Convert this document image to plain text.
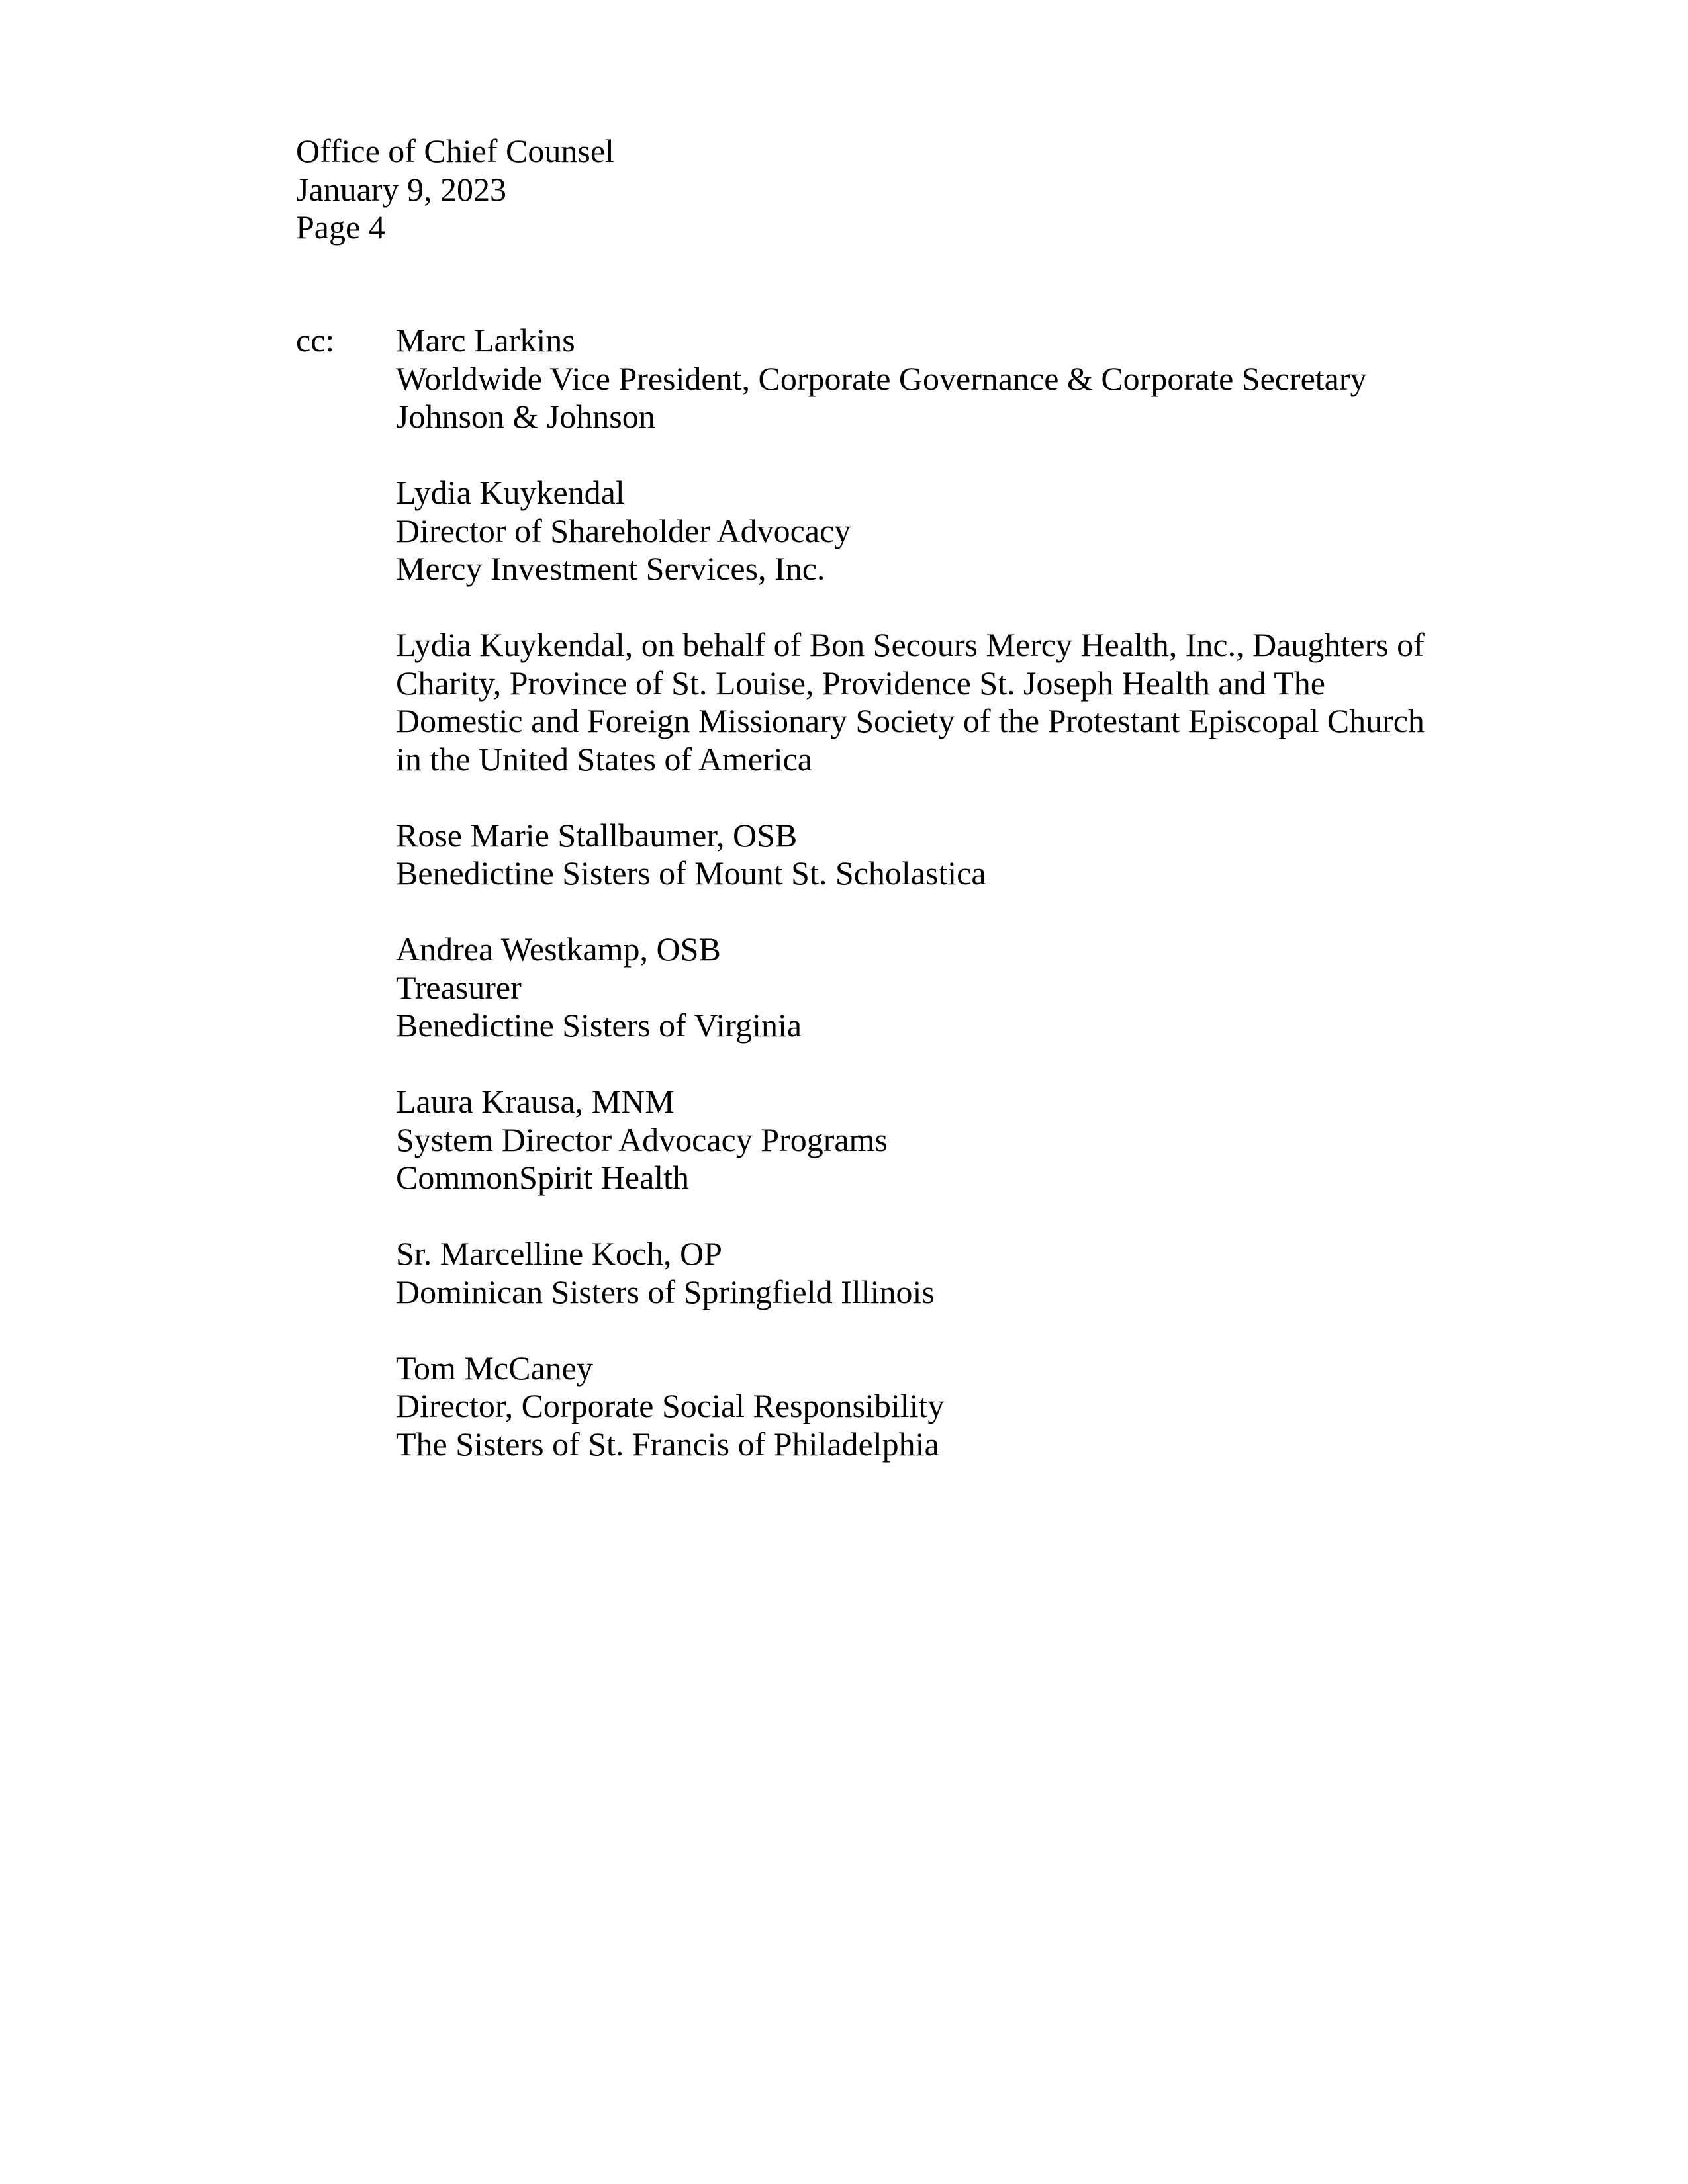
Office of Chief Counsel
January 9, 2023
Page 4
cc: Marc Larkins
Worldwide Vice President, Corporate Governance & Corporate Secretary
Johnson & Johnson
Lydia Kuykendal
Director of Shareholder Advocacy
Mercy Investment Services, Inc.
Lydia Kuykendal, on behalf of Bon Secours Mercy Health, Inc., Daughters of
Charity, Province of St. Louise, Providence St. Joseph Health and The
Domestic and Foreign Missionary Society of the Protestant Episcopal Church
in the United States of America
Rose Marie Stallbaumer, OSB
Benedictine Sisters of Mount St. Scholastica
Andrea Westkamp, OSB
Treasurer
Benedictine Sisters of Virginia
Laura Krausa, MNM
System Director Advocacy Programs
CommonSpirit Health
Sr. Marcelline Koch, OP
Dominican Sisters of Springfield Illinois
Tom McCaney
Director, Corporate Social Responsibility
The Sisters of St. Francis of Philadelphia
